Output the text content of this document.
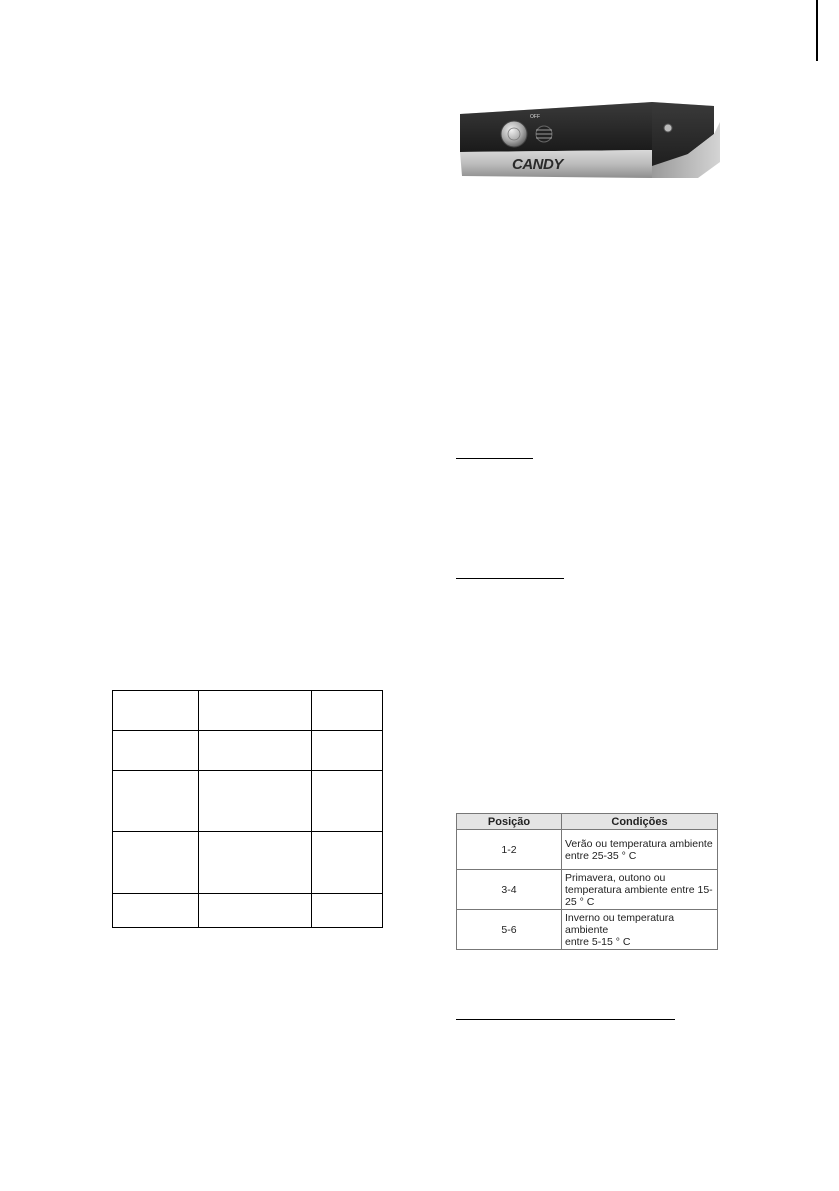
OFF
CANDY

Posição	Condições
1-2	Verão ou temperatura ambiente
entre 25-35 ° C
3-4	Primavera, outono ou
temperatura ambiente entre 15-
25 ° C
5-6	Inverno ou temperatura
ambiente
entre 5-15 ° C
